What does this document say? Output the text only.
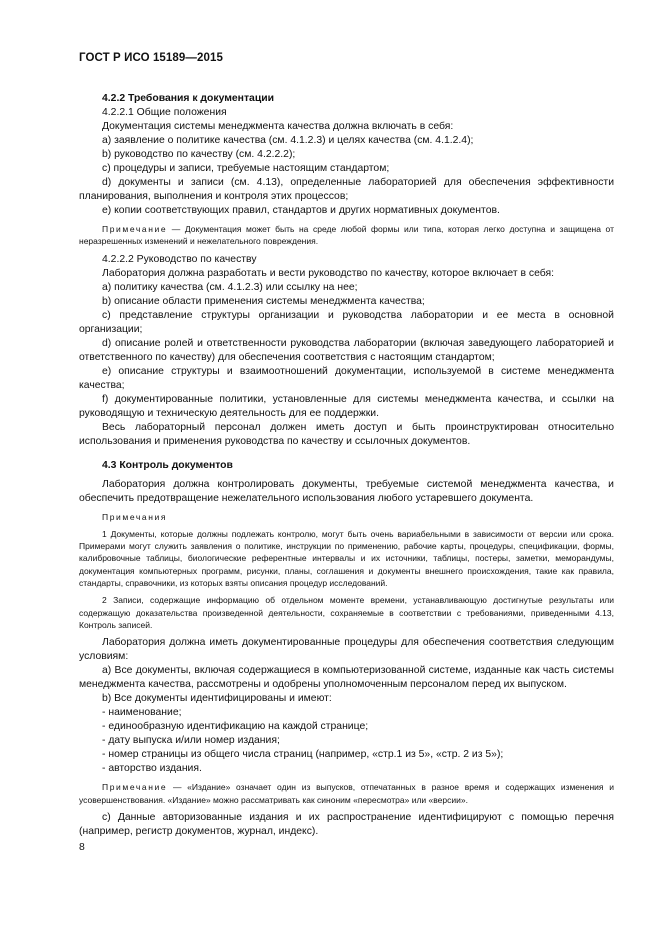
ГОСТ Р ИСО 15189—2015

4.2.2 Требования к документации

4.2.2.1 Общие положения

Документация системы менеджмента качества должна включать в себя:

а) заявление о политике качества (см. 4.1.2.3) и целях качества (см. 4.1.2.4);

b) руководство по качеству (см. 4.2.2.2);

с) процедуры и записи, требуемые настоящим стандартом;

d) документы и записи (см. 4.13), определенные лабораторией для обеспечения эффективности планирования, выполнения и контроля этих процессов;

е) копии соответствующих правил, стандартов и других нормативных документов.

Примечание — Документация может быть на среде любой формы или типа, которая легко доступна и защищена от неразрешенных изменений и нежелательного повреждения.

4.2.2.2 Руководство по качеству

Лаборатория должна разработать и вести руководство по качеству, которое включает в себя:

а) политику качества (см. 4.1.2.3) или ссылку на нее;

b) описание области применения системы менеджмента качества;

с) представление структуры организации и руководства лаборатории и ее места в основной организации;

d) описание ролей и ответственности руководства лаборатории (включая заведующего лабораторией и ответственного по качеству) для обеспечения соответствия с настоящим стандартом;

е) описание структуры и взаимоотношений документации, используемой в системе менеджмента качества;

f) документированные политики, установленные для системы менеджмента качества, и ссылки на руководящую и техническую деятельность для ее поддержки.

Весь лабораторный персонал должен иметь доступ и быть проинструктирован относительно использования и применения руководства по качеству и ссылочных документов.

4.3 Контроль документов

Лаборатория должна контролировать документы, требуемые системой менеджмента качества, и обеспечить предотвращение нежелательного использования любого устаревшего документа.

Примечания

1 Документы, которые должны подлежать контролю, могут быть очень вариабельными в зависимости от версии или срока. Примерами могут служить заявления о политике, инструкции по применению, рабочие карты, процедуры, спецификации, формы, калибровочные таблицы, биологические референтные интервалы и их источники, таблицы, постеры, заметки, меморандумы, документация компьютерных программ, рисунки, планы, соглашения и документы внешнего происхождения, такие как правила, стандарты, справочники, из которых взяты описания процедур исследований.

2 Записи, содержащие информацию об отдельном моменте времени, устанавливающую достигнутые результаты или содержащую доказательства произведенной деятельности, сохраняемые в соответствии с требованиями, приведенными 4.13, Контроль записей.

Лаборатория должна иметь документированные процедуры для обеспечения соответствия следующим условиям:

а) Все документы, включая содержащиеся в компьютеризованной системе, изданные как часть системы менеджмента качества, рассмотрены и одобрены уполномоченным персоналом перед их выпуском.

b) Все документы идентифицированы и имеют:

- наименование;

- единообразную идентификацию на каждой странице;

- дату выпуска и/или номер издания;

- номер страницы из общего числа страниц (например, «стр.1 из 5», «стр. 2 из 5»);

- авторство издания.

Примечание — «Издание» означает один из выпусков, отпечатанных в разное время и содержащих изменения и усовершенствования. «Издание» можно рассматривать как синоним «пересмотра» или «версии».

с) Данные авторизованные издания и их распространение идентифицируют с помощью перечня (например, регистр документов, журнал, индекс).

8
